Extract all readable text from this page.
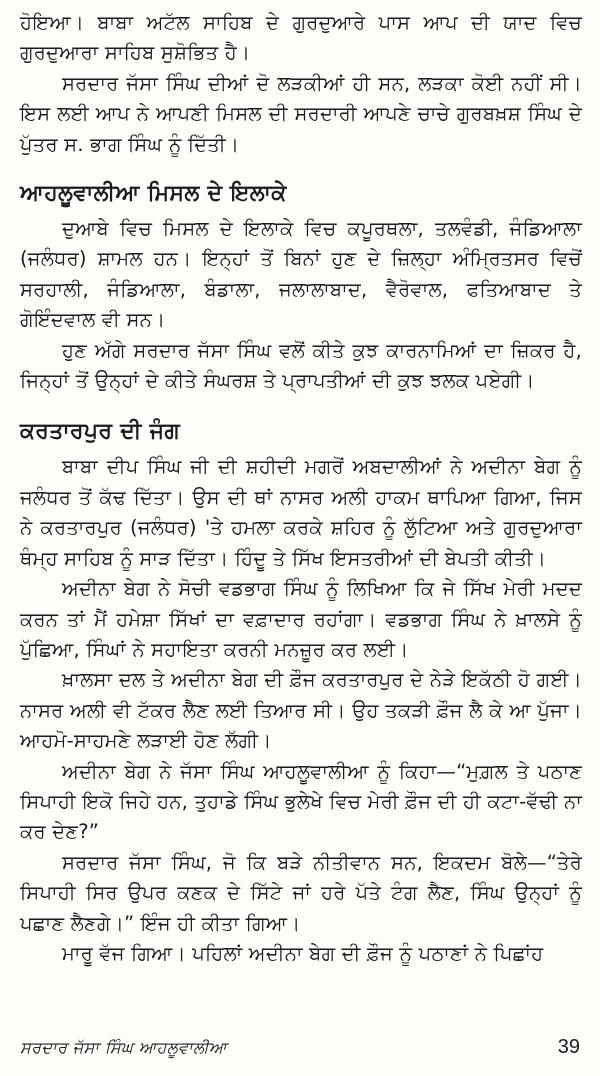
ਹੋਇਆ। ਬਾਬਾ ਅਟੱਲ ਸਾਹਿਬ ਦੇ ਗੁਰਦੁਆਰੇ ਪਾਸ ਆਪ ਦੀ ਯਾਦ ਵਿਚ ਗੁਰਦੁਆਰਾ ਸਾਹਿਬ ਸੁਸ਼ੋਭਿਤ ਹੈ।

ਸਰਦਾਰ ਜੱਸਾ ਸਿੰਘ ਦੀਆਂ ਦੋ ਲੜਕੀਆਂ ਹੀ ਸਨ, ਲੜਕਾ ਕੋਈ ਨਹੀਂ ਸੀ। ਇਸ ਲਈ ਆਪ ਨੇ ਆਪਣੀ ਮਿਸਲ ਦੀ ਸਰਦਾਰੀ ਆਪਣੇ ਚਾਚੇ ਗੁਰਬਖ਼ਸ਼ ਸਿੰਘ ਦੇ ਪੁੱਤਰ ਸ. ਭਾਗ ਸਿੰਘ ਨੂੰ ਦਿੱਤੀ।

ਆਹਲੂਵਾਲੀਆ ਮਿਸਲ ਦੇ ਇਲਾਕੇ

ਦੁਆਬੇ ਵਿਚ ਮਿਸਲ ਦੇ ਇਲਾਕੇ ਵਿਚ ਕਪੂਰਥਲਾ, ਤਲਵੰਡੀ, ਜੰਡਿਆਲਾ (ਜਲੰਧਰ) ਸ਼ਾਮਲ ਹਨ। ਇਨ੍ਹਾਂ ਤੋਂ ਬਿਨਾਂ ਹੁਣ ਦੇ ਜ਼ਿਲ੍ਹਾ ਅੰਮ੍ਰਿਤਸਰ ਵਿਚੋਂ ਸਰਹਾਲੀ, ਜੰਡਿਆਲਾ, ਬੰਡਾਲਾ, ਜਲਾਲਾਬਾਦ, ਵੈਰੋਵਾਲ, ਫਤਿਆਬਾਦ ਤੇ ਗੋਇੰਦਵਾਲ ਵੀ ਸਨ।

ਹੁਣ ਅੱਗੇ ਸਰਦਾਰ ਜੱਸਾ ਸਿੰਘ ਵਲੋਂ ਕੀਤੇ ਕੁਝ ਕਾਰਨਾਮਿਆਂ ਦਾ ਜ਼ਿਕਰ ਹੈ, ਜਿਨ੍ਹਾਂ ਤੋਂ ਉਨ੍ਹਾਂ ਦੇ ਕੀਤੇ ਸੰਘਰਸ਼ ਤੇ ਪ੍ਰਾਪਤੀਆਂ ਦੀ ਕੁਝ ਝਲਕ ਪਏਗੀ।

ਕਰਤਾਰਪੁਰ ਦੀ ਜੰਗ

ਬਾਬਾ ਦੀਪ ਸਿੰਘ ਜੀ ਦੀ ਸ਼ਹੀਦੀ ਮਗਰੋਂ ਅਬਦਾਲੀਆਂ ਨੇ ਅਦੀਨਾ ਬੇਗ ਨੂੰ ਜਲੰਧਰ ਤੋਂ ਕੱਢ ਦਿੱਤਾ। ਉਸ ਦੀ ਥਾਂ ਨਾਸਰ ਅਲੀ ਹਾਕਮ ਥਾਪਿਆ ਗਿਆ, ਜਿਸ ਨੇ ਕਰਤਾਰਪੁਰ (ਜਲੰਧਰ) 'ਤੇ ਹਮਲਾ ਕਰਕੇ ਸ਼ਹਿਰ ਨੂੰ ਲੁੱਟਿਆ ਅਤੇ ਗੁਰਦੁਆਰਾ ਥੰਮ੍ਹ ਸਾਹਿਬ ਨੂੰ ਸਾੜ ਦਿੱਤਾ। ਹਿੰਦੂ ਤੇ ਸਿੱਖ ਇਸਤਰੀਆਂ ਦੀ ਬੇਪਤੀ ਕੀਤੀ।

ਅਦੀਨਾ ਬੇਗ ਨੇ ਸੋਚੀ ਵਡਭਾਗ ਸਿੰਘ ਨੂੰ ਲਿਖਿਆ ਕਿ ਜੇ ਸਿੱਖ ਮੇਰੀ ਮਦਦ ਕਰਨ ਤਾਂ ਮੈਂ ਹਮੇਸ਼ਾ ਸਿੱਖਾਂ ਦਾ ਵਫ਼ਾਦਾਰ ਰਹਾਂਗਾ। ਵਡਭਾਗ ਸਿੰਘ ਨੇ ਖ਼ਾਲਸੇ ਨੂੰ ਪੁੱਛਿਆ, ਸਿੰਘਾਂ ਨੇ ਸਹਾਇਤਾ ਕਰਨੀ ਮਨਜ਼ੂਰ ਕਰ ਲਈ।

ਖ਼ਾਲਸਾ ਦਲ ਤੇ ਅਦੀਨਾ ਬੇਗ ਦੀ ਫ਼ੌਜ ਕਰਤਾਰਪੁਰ ਦੇ ਨੇੜੇ ਇਕੱਠੀ ਹੋ ਗਈ। ਨਾਸਰ ਅਲੀ ਵੀ ਟੱਕਰ ਲੈਣ ਲਈ ਤਿਆਰ ਸੀ। ਉਹ ਤਕੜੀ ਫ਼ੌਜ ਲੈ ਕੇ ਆ ਪੁੱਜਾ। ਆਹਮੋ-ਸਾਹਮਣੇ ਲੜਾਈ ਹੋਣ ਲੱਗੀ।

ਅਦੀਨਾ ਬੇਗ ਨੇ ਜੱਸਾ ਸਿੰਘ ਆਹਲੂਵਾਲੀਆ ਨੂੰ ਕਿਹਾ—“ਮੁਗ਼ਲ ਤੇ ਪਠਾਣ ਸਿਪਾਹੀ ਇਕੋ ਜਿਹੇ ਹਨ, ਤੁਹਾਡੇ ਸਿੰਘ ਭੁਲੇਖੇ ਵਿਚ ਮੇਰੀ ਫ਼ੌਜ ਦੀ ਹੀ ਕਟਾ-ਵੱਢੀ ਨਾ ਕਰ ਦੇਣ?”

ਸਰਦਾਰ ਜੱਸਾ ਸਿੰਘ, ਜੋ ਕਿ ਬੜੇ ਨੀਤੀਵਾਨ ਸਨ, ਇਕਦਮ ਬੋਲੇ—“ਤੇਰੇ ਸਿਪਾਹੀ ਸਿਰ ਉਪਰ ਕਣਕ ਦੇ ਸਿੱਟੇ ਜਾਂ ਹਰੇ ਪੱਤੇ ਟੰਗ ਲੈਣ, ਸਿੰਘ ਉਨ੍ਹਾਂ ਨੂੰ ਪਛਾਣ ਲੈਣਗੇ।” ਇੰਜ ਹੀ ਕੀਤਾ ਗਿਆ।

ਮਾਰੂ ਵੱਜ ਗਿਆ। ਪਹਿਲਾਂ ਅਦੀਨਾ ਬੇਗ ਦੀ ਫ਼ੌਜ ਨੂੰ ਪਠਾਣਾਂ ਨੇ ਪਿਛਾਂਹ

ਸਰਦਾਰ ਜੱਸਾ ਸਿੰਘ ਆਹਲੂਵਾਲੀਆ	39
